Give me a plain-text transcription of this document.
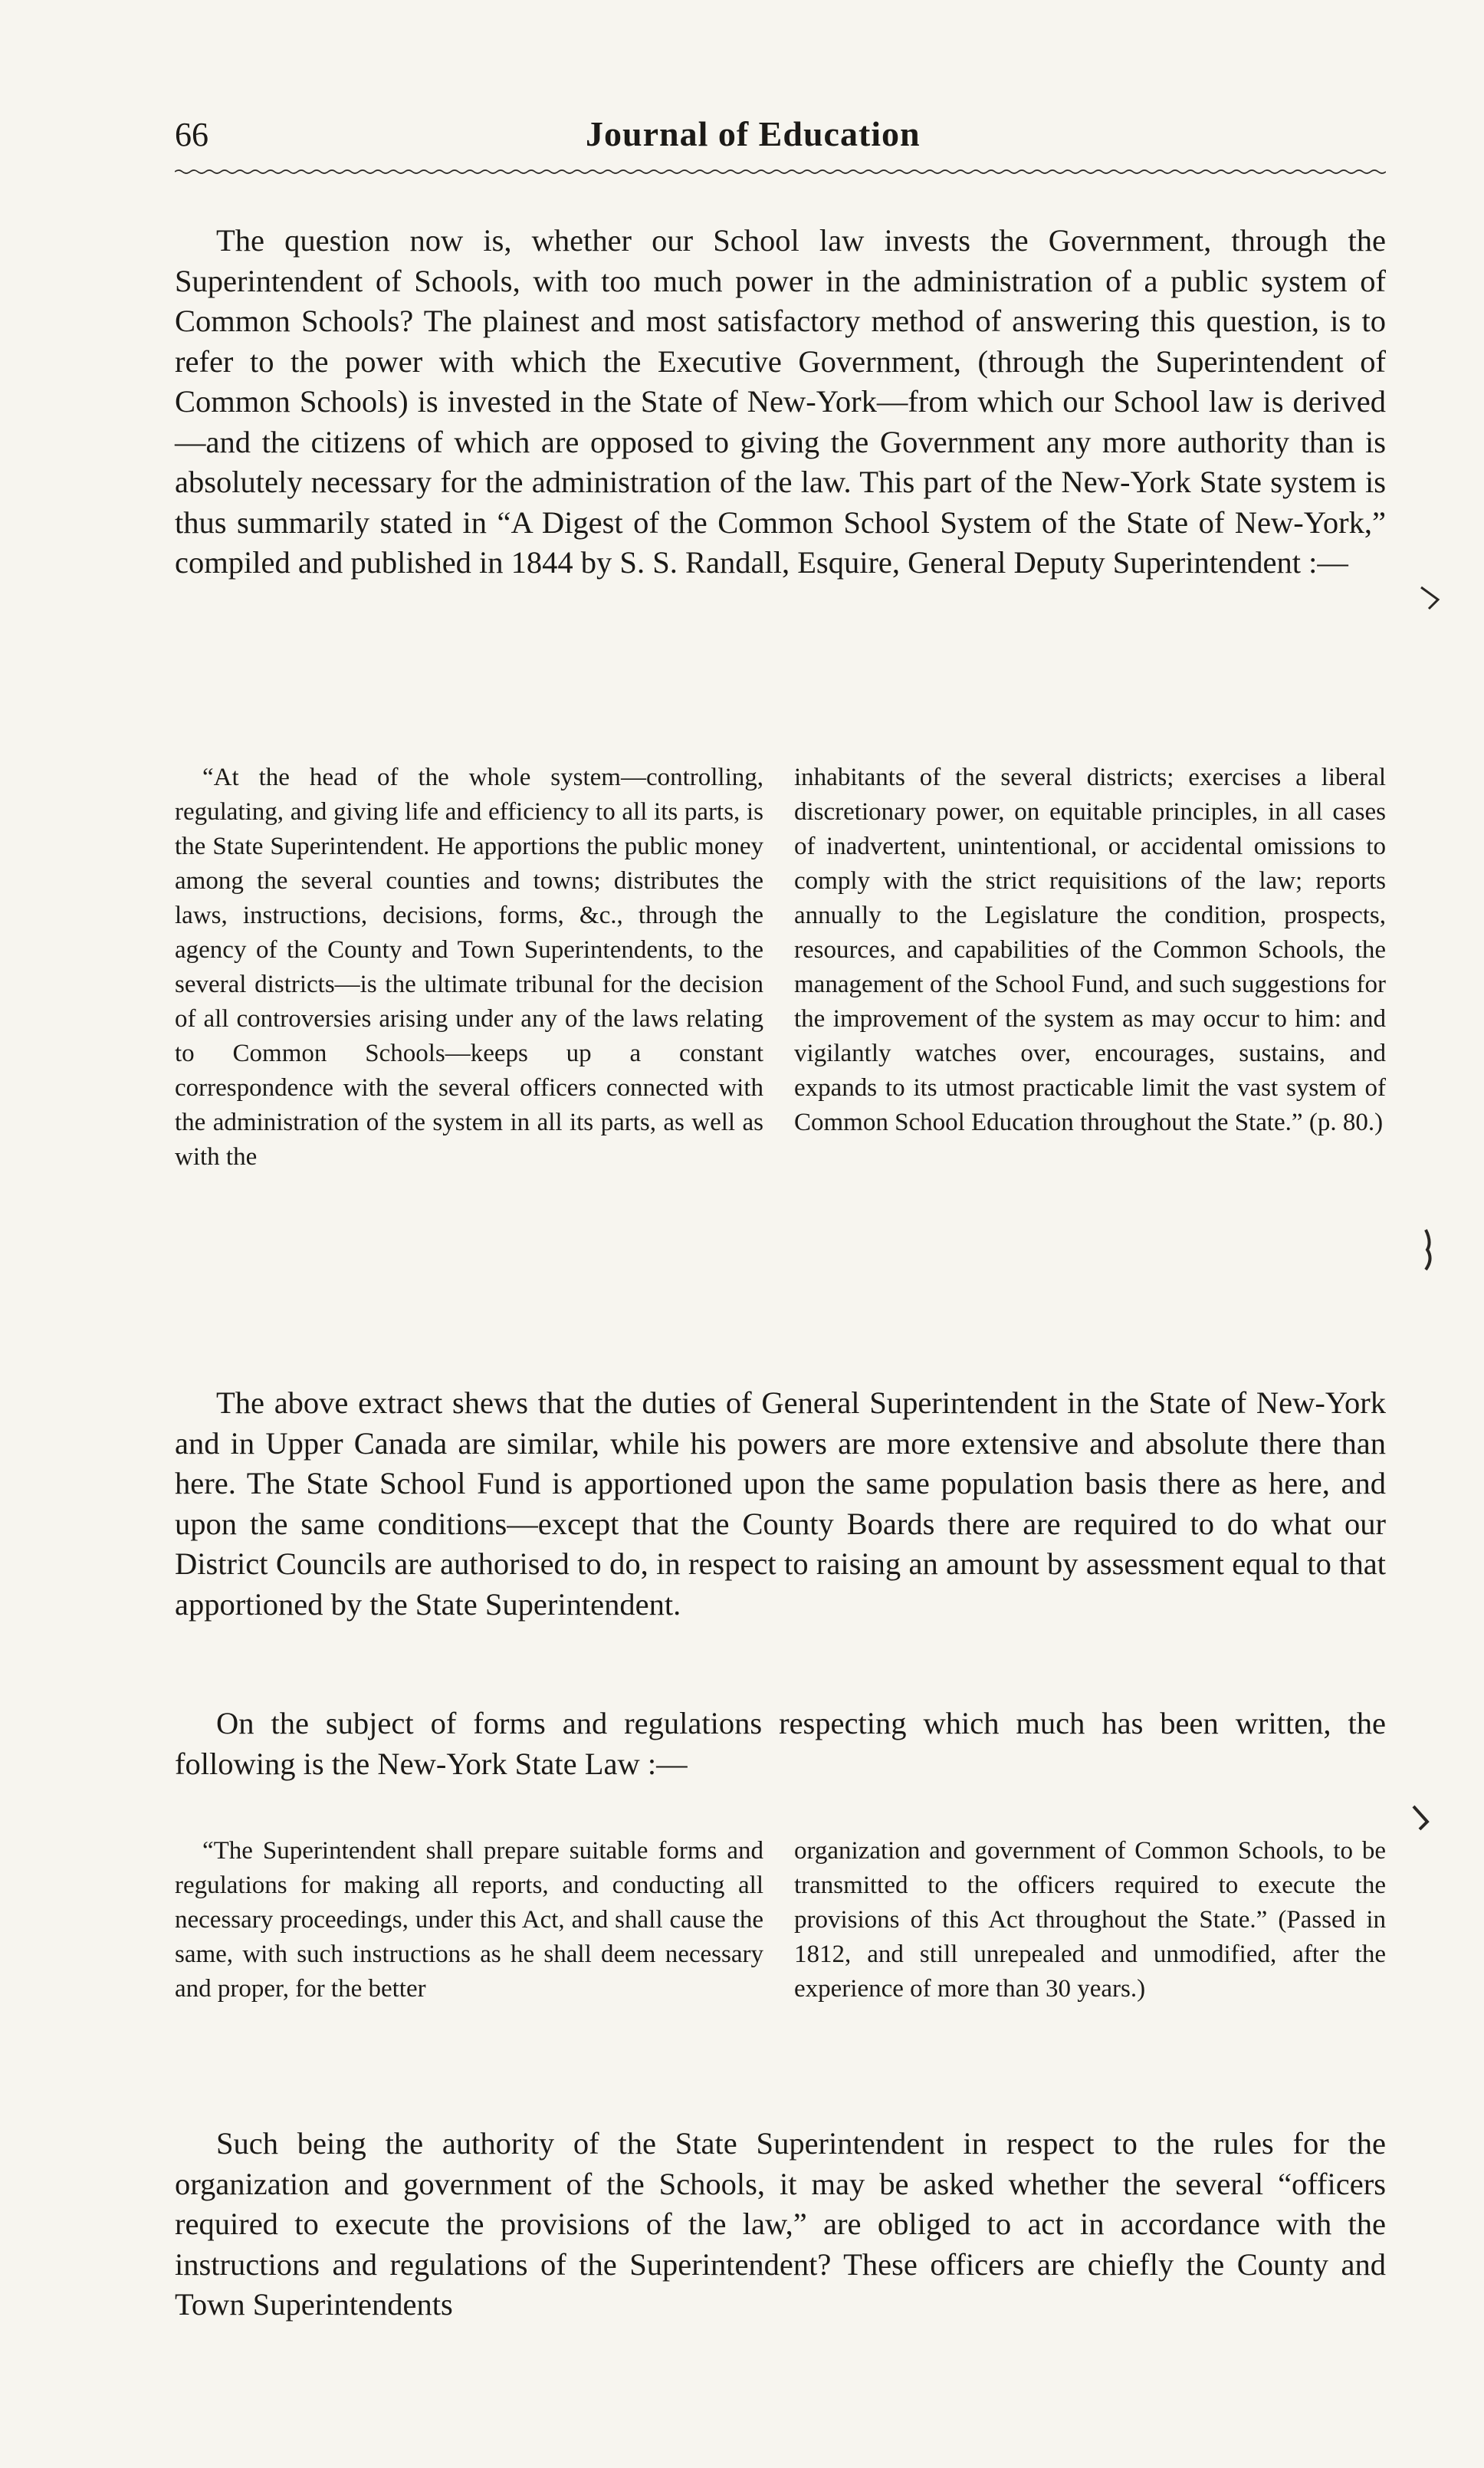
66	Journal of Education

The question now is, whether our School law invests the Government, through the Superintendent of Schools, with too much power in the administration of a public system of Common Schools? The plainest and most satisfactory method of answering this question, is to refer to the power with which the Executive Government, (through the Superintendent of Common Schools) is invested in the State of New-York—from which our School law is derived—and the citizens of which are opposed to giving the Government any more authority than is absolutely necessary for the administration of the law. This part of the New-York State system is thus summarily stated in “A Digest of the Common School System of the State of New-York,” compiled and published in 1844 by S. S. Randall, Esquire, General Deputy Superintendent :—

“At the head of the whole system—controlling, regulating, and giving life and efficiency to all its parts, is the State Superintendent. He apportions the public money among the several counties and towns; distributes the laws, instructions, decisions, forms, &c., through the agency of the County and Town Superintendents, to the several districts—is the ultimate tribunal for the decision of all controversies arising under any of the laws relating to Common Schools—keeps up a constant correspondence with the several officers connected with the administration of the system in all its parts, as well as with the

inhabitants of the several districts; exercises a liberal discretionary power, on equitable principles, in all cases of inadvertent, unintentional, or accidental omissions to comply with the strict requisitions of the law; reports annually to the Legislature the condition, prospects, resources, and capabilities of the Common Schools, the management of the School Fund, and such suggestions for the improvement of the system as may occur to him: and vigilantly watches over, encourages, sustains, and expands to its utmost practicable limit the vast system of Common School Education throughout the State.” (p. 80.)

The above extract shews that the duties of General Superintendent in the State of New-York and in Upper Canada are similar, while his powers are more extensive and absolute there than here. The State School Fund is apportioned upon the same population basis there as here, and upon the same conditions—except that the County Boards there are required to do what our District Councils are authorised to do, in respect to raising an amount by assessment equal to that apportioned by the State Superintendent.

On the subject of forms and regulations respecting which much has been written, the following is the New-York State Law :—

“The Superintendent shall prepare suitable forms and regulations for making all reports, and conducting all necessary proceedings, under this Act, and shall cause the same, with such instructions as he shall deem necessary and proper, for the better

organization and government of Common Schools, to be transmitted to the officers required to execute the provisions of this Act throughout the State.” (Passed in 1812, and still unrepealed and unmodified, after the experience of more than 30 years.)

Such being the authority of the State Superintendent in respect to the rules for the organization and government of the Schools, it may be asked whether the several “officers required to execute the provisions of the law,” are obliged to act in accordance with the instructions and regulations of the Superintendent? These officers are chiefly the County and Town Superintendents
